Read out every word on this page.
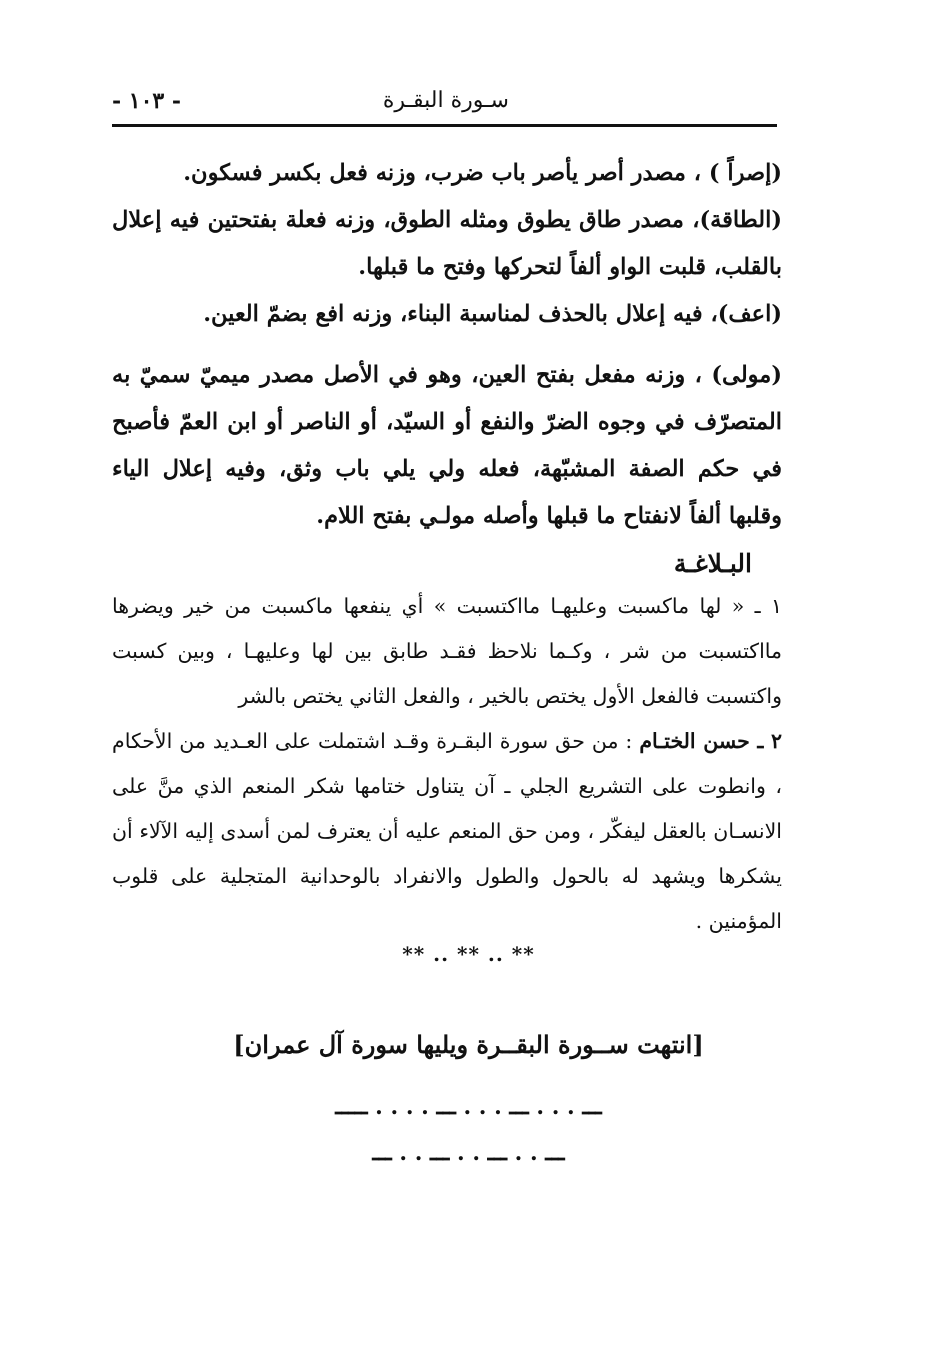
سـورة البقـرة
- ١٠٣ -

(إصراً ) ، مصدر أصر يأصر باب ضرب، وزنه فعل بكسر فسكون.

(الطاقة)، مصدر طاق يطوق ومثله الطوق، وزنه فعلة بفتحتين فيه إعلال بالقلب، قلبت الواو ألفاً لتحركها وفتح ما قبلها.

(اعف)، فيه إعلال بالحذف لمناسبة البناء، وزنه افع بضمّ العين.

(مولى) ، وزنه مفعل بفتح العين، وهو في الأصل مصدر ميميّ سميّ به المتصرّف في وجوه الضرّ والنفع أو السيّد، أو الناصر أو ابن العمّ فأصبح في حكم الصفة المشبّهة، فعله ولي يلي باب وثق، وفيه إعلال الياء وقلبها ألفاً لانفتاح ما قبلها وأصله مولـي بفتح اللام.

البـلاغـة

١ ـ « لها ماكسبت وعليهـا مااكتسبت » أي ينفعها ماكسبت من خير ويضرها مااكتسبت من شر ، وكـما نلاحظ فقـد طابق بين لها وعليهـا ، وبين كسبت واكتسبت فالفعل الأول يختص بالخير ، والفعل الثاني يختص بالشر

٢ ـ حسن الختـام : من حق سورة البقـرة وقـد اشتملت على العـديد من الأحكام ، وانطوت على التشريع الجلي ـ آن يتناول ختامها شكر المنعم الذي منَّ على الانسـان بالعقل ليفكّر ، ومن حق المنعم عليه أن يعترف لمن أسدى إليه الآلاء أن يشكرها ويشهد له بالحول والطول والانفراد بالوحدانية المتجلية على قلوب المؤمنين .

** .. ** .. **
[انتهت ســورة البقــرة ويليها سورة آل عمران]
ـــ . . . ـــ . . . ـــ . . . . ـــــ
ـــ . . ـــ . . ـــ . . ـــ
